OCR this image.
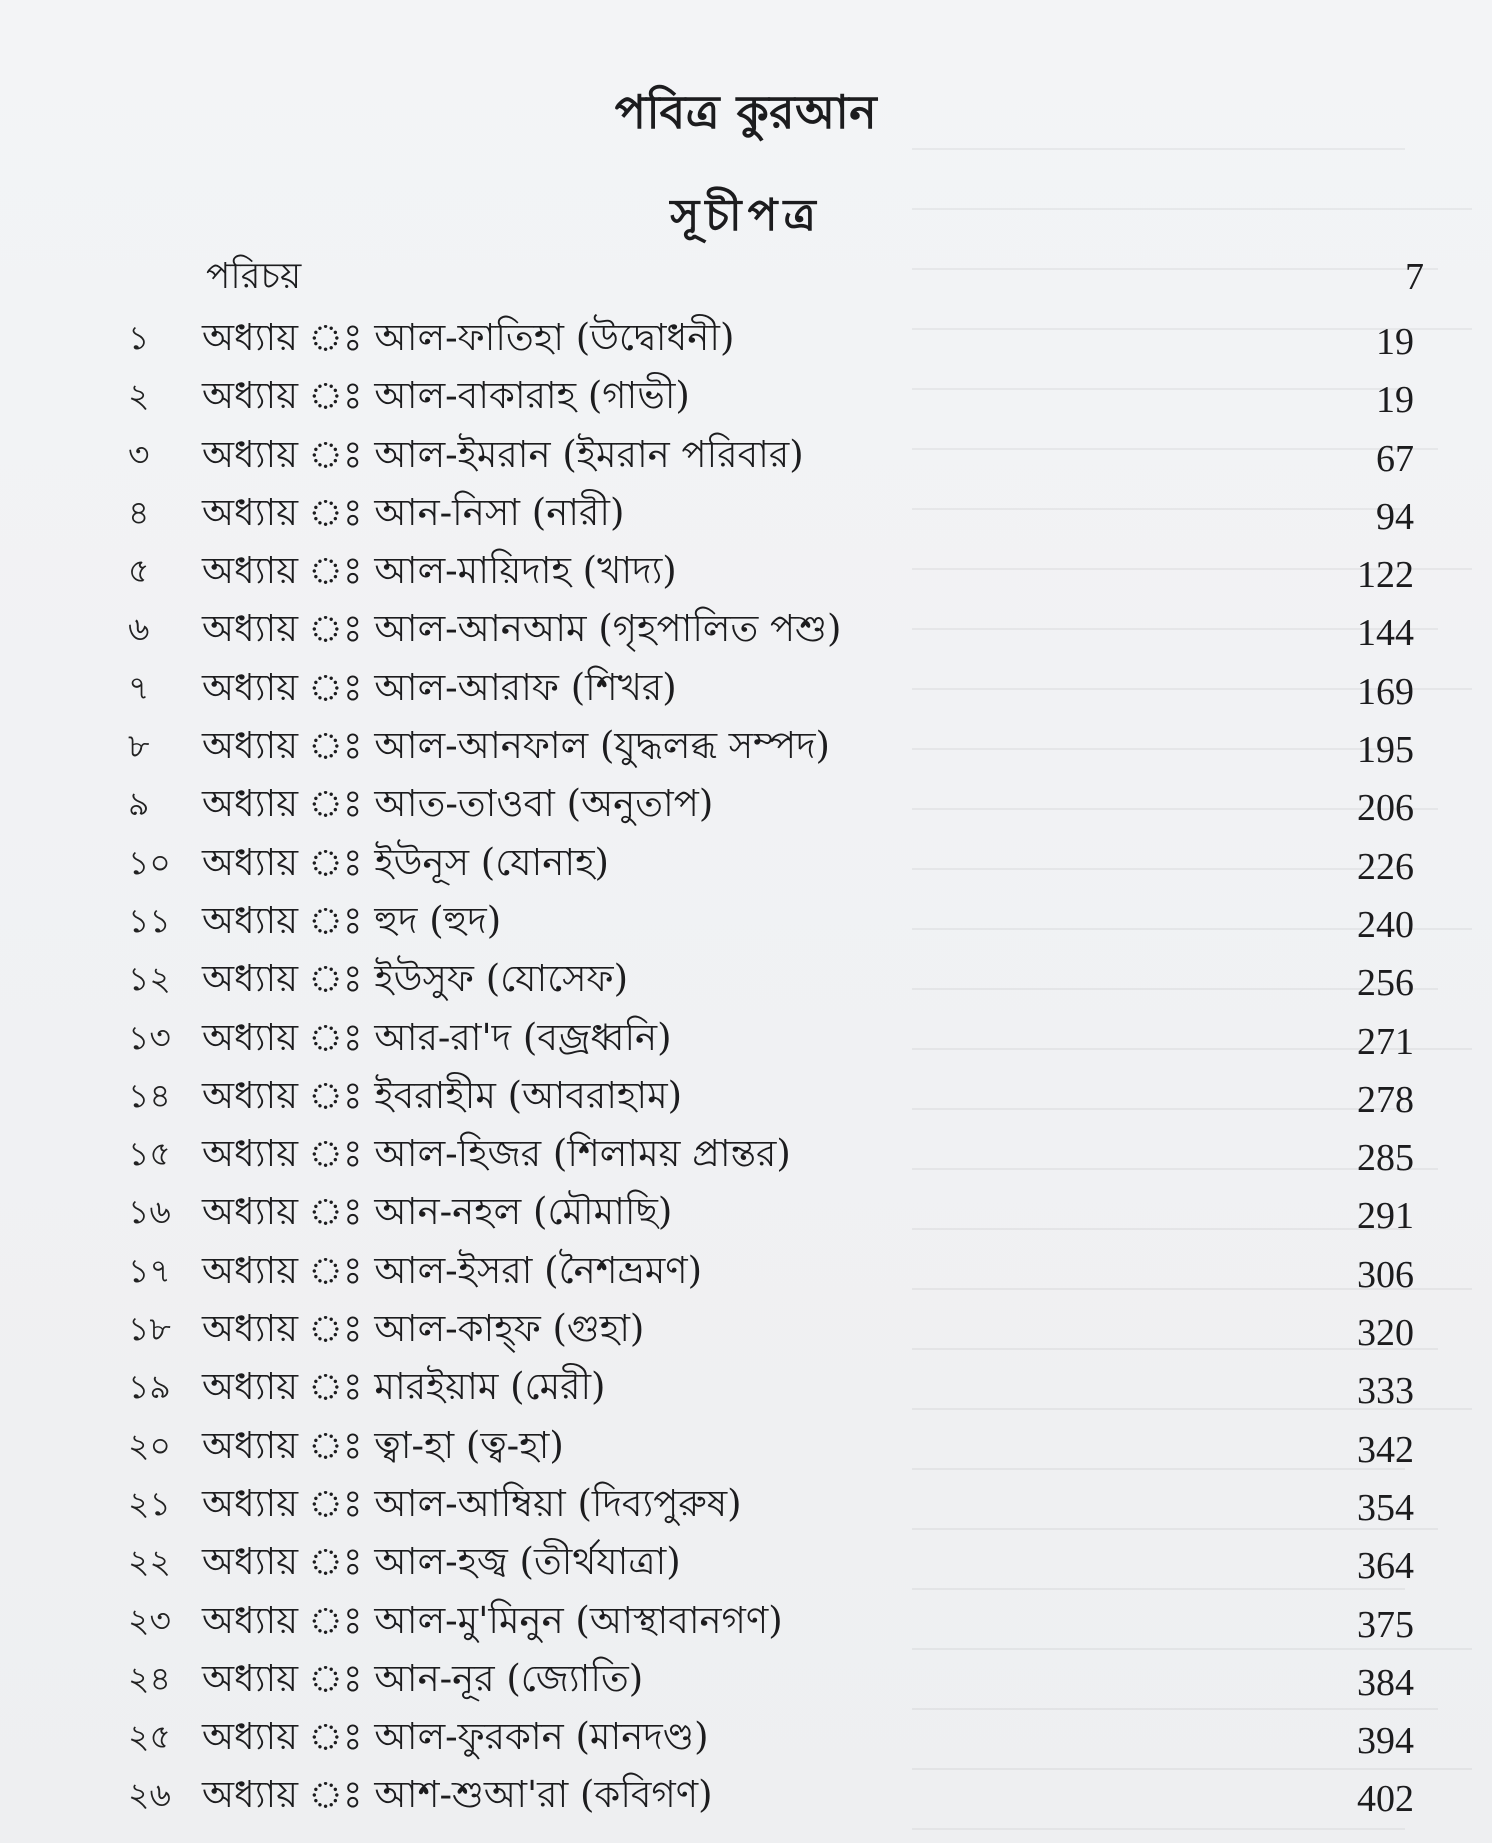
পবিত্র কুরআন
সূচীপত্র
পরিচয়	7
১	অধ্যায় ঃ আল-ফাতিহা (উদ্বোধনী)	19
২	অধ্যায় ঃ আল-বাকারাহ (গাভী)	19
৩	অধ্যায় ঃ আল-ইমরান (ইমরান পরিবার)	67
৪	অধ্যায় ঃ আন-নিসা (নারী)	94
৫	অধ্যায় ঃ আল-মায়িদাহ (খাদ্য)	122
৬	অধ্যায় ঃ আল-আনআম (গৃহপালিত পশু)	144
৭	অধ্যায় ঃ আল-আরাফ (শিখর)	169
৮	অধ্যায় ঃ আল-আনফাল (যুদ্ধলব্ধ সম্পদ)	195
৯	অধ্যায় ঃ আত-তাওবা (অনুতাপ)	206
১০ অধ্যায় ঃ ইউনূস (যোনাহ)	226
১১ অধ্যায় ঃ হুদ (হুদ)	240
১২ অধ্যায় ঃ ইউসুফ (যোসেফ)	256
১৩ অধ্যায় ঃ আর-রা'দ (বজ্রধ্বনি)	271
১৪ অধ্যায় ঃ ইবরাহীম (আবরাহাম)	278
১৫ অধ্যায় ঃ আল-হিজর (শিলাময় প্রান্তর)	285
১৬ অধ্যায় ঃ আন-নহল (মৌমাছি)	291
১৭ অধ্যায় ঃ আল-ইসরা (নৈশভ্রমণ)	306
১৮ অধ্যায় ঃ আল-কাহ্ফ (গুহা)	320
১৯ অধ্যায় ঃ মারইয়াম (মেরী)	333
২০ অধ্যায় ঃ ত্বা-হা (ত্ব-হা)	342
২১ অধ্যায় ঃ আল-আম্বিয়া (দিব্যপুরুষ)	354
২২ অধ্যায় ঃ আল-হজ্ব (তীর্থযাত্রা)	364
২৩ অধ্যায় ঃ আল-মু'মিনুন (আস্থাবানগণ)	375
২৪ অধ্যায় ঃ আন-নূর (জ্যোতি)	384
২৫ অধ্যায় ঃ আল-ফুরকান (মানদণ্ড)	394
২৬ অধ্যায় ঃ আশ-শুআ'রা (কবিগণ)	402
